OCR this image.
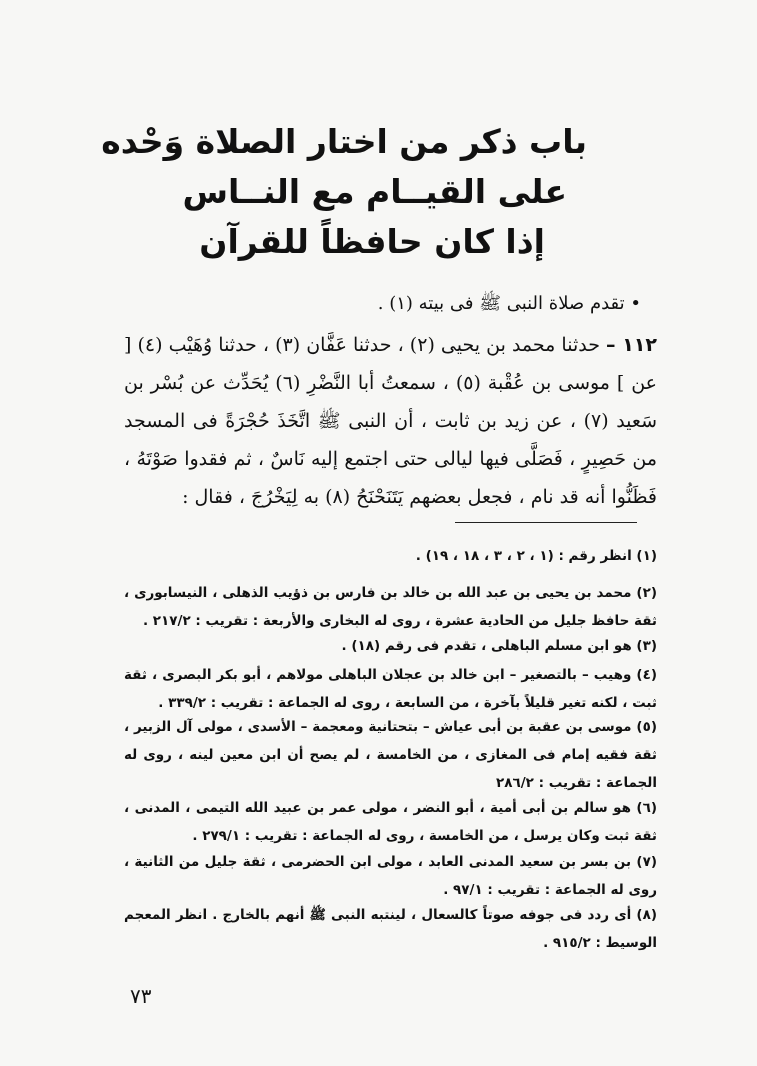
باب ذكر من اختار الصلاة وَحْده
على القيــام مع النــاس
إذا كان حافظاً للقرآن
• تقدم صلاة النبى ﷺ فى بيته (١) .

١١٢ – حدثنا محمد بن يحيى (٢) ، حدثنا عَفَّان (٣) ، حدثنا وُهَيْب (٤) [ عن ] موسى بن عُقْبة (٥) ، سمعتُ أبا النَّضْرِ (٦) يُحَدِّث عن بُسْر بن سَعيد (٧) ، عن زيد بن ثابت ، أن النبى ﷺ اتَّخَذَ حُجْرَةً فى المسجد من حَصِيرٍ ، فَصَلَّى فيها ليالى حتى اجتمع إليه نَاسٌ ، ثم فقدوا صَوْتَهُ ، فَظَنُّوا أنه قد نام ، فجعل بعضهم يَتَنَحْنَحُ (٨) به لِيَخْرُجَ ، فقال :

(١) انظر رقم : (١ ، ٢ ، ٣ ، ١٨ ، ١٩) .

(٢) محمد بن يحيى بن عبد الله بن خالد بن فارس بن ذؤيب الذهلى ، النيسابورى ، ثقة حافظ جليل من الحادية عشرة ، روى له البخارى والأربعة : تقريب : ٢١٧/٢ .

(٣) هو ابن مسلم الباهلى ، تقدم فى رقم (١٨) .

(٤) وهيب – بالتصغير – ابن خالد بن عجلان الباهلى مولاهم ، أبو بكر البصرى ، ثقة ثبت ، لكنه تغير قليلاً بآخرة ، من السابعة ، روى له الجماعة : تقريب : ٣٣٩/٢ .

(٥) موسى بن عقبة بن أبى عياش – بتحتانية ومعجمة – الأسدى ، مولى آل الزبير ، ثقة فقيه إمام فى المغازى ، من الخامسة ، لم يصح أن ابن معين لينه ، روى له الجماعة : تقريب : ٢٨٦/٢

(٦) هو سالم بن أبى أمية ، أبو النضر ، مولى عمر بن عبيد الله التيمى ، المدنى ، ثقة ثبت وكان يرسل ، من الخامسة ، روى له الجماعة : تقريب : ٢٧٩/١ .

(٧) بن بسر بن سعيد المدنى العابد ، مولى ابن الحضرمى ، ثقة جليل من الثانية ، روى له الجماعة : تقريب : ٩٧/١ .

(٨) أى ردد فى جوفه صوتاً كالسعال ، لينتبه النبى ﷺ أنهم بالخارج . انظر المعجم الوسيط : ٩١٥/٢ .

٧٣
